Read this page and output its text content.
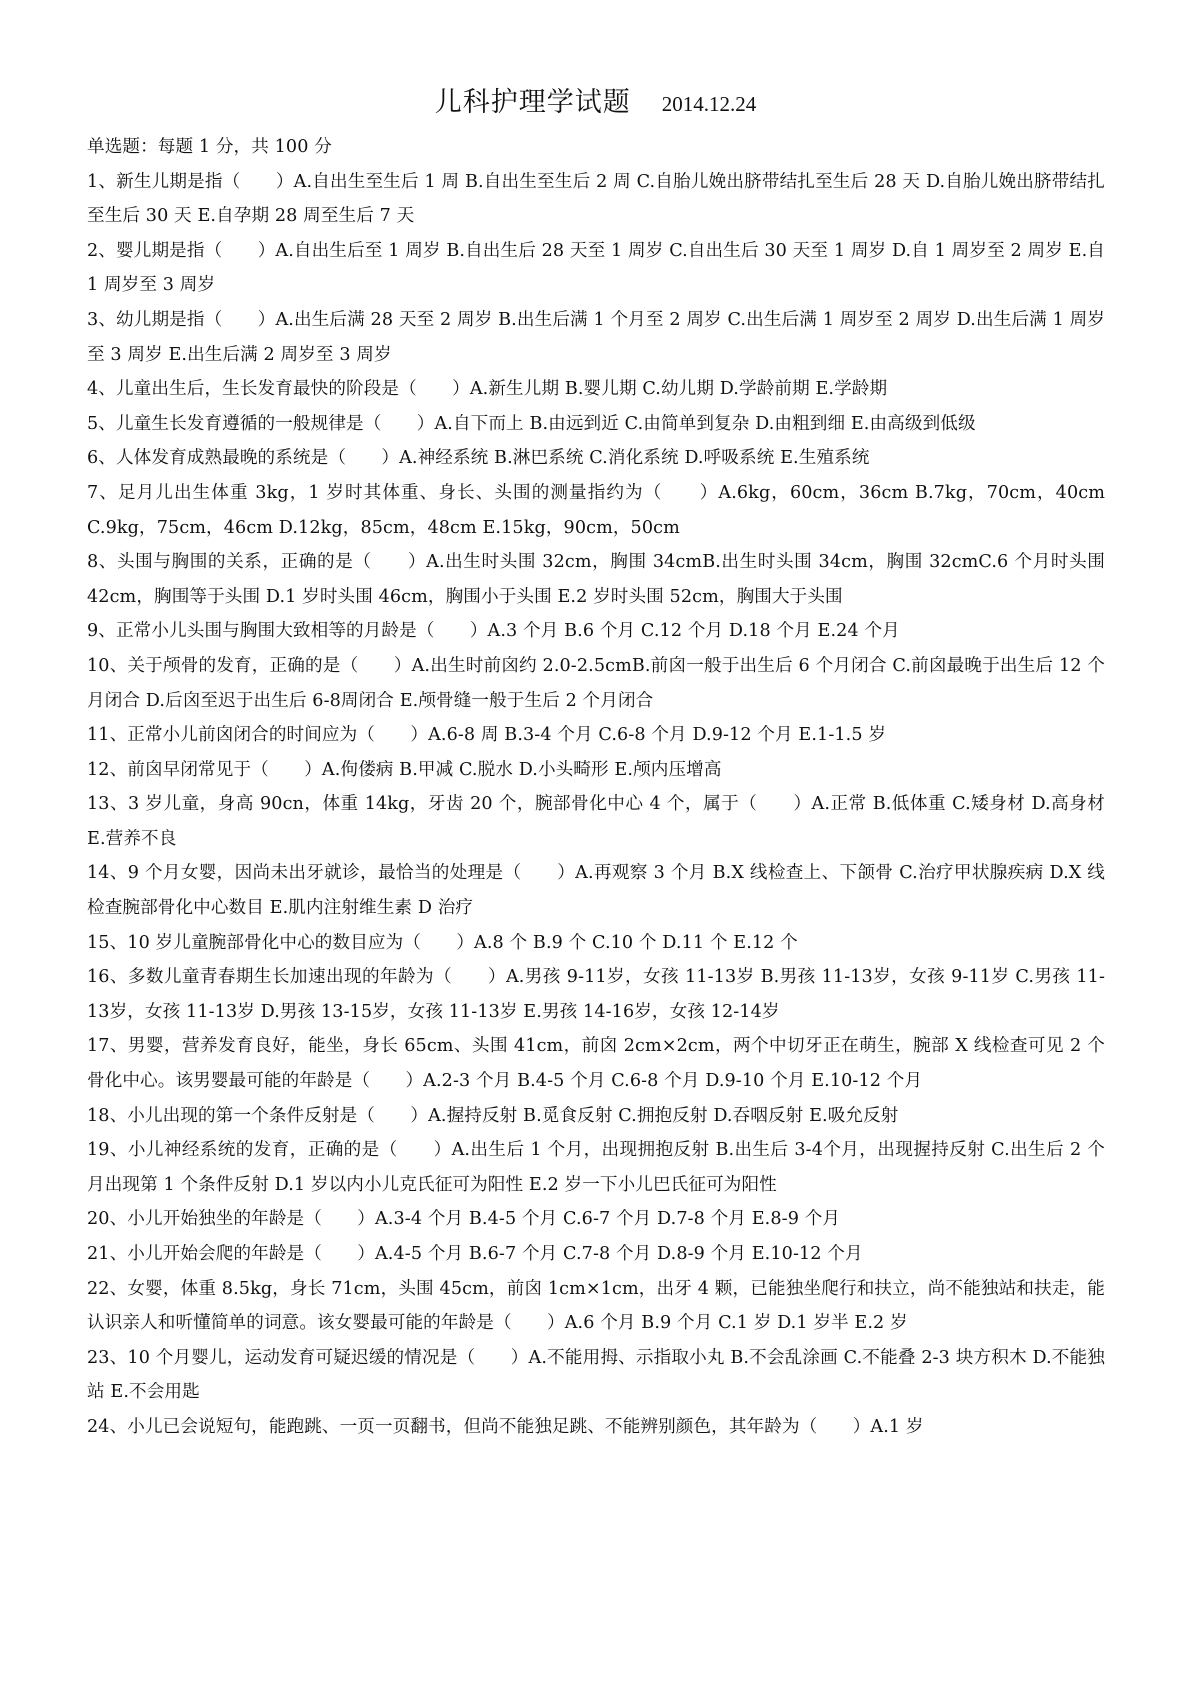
儿科护理学试题 2014.12.24
单选题：每题 1 分，共 100 分
1、新生儿期是指（　　）A.自出生至生后 1 周 B.自出生至生后 2 周 C.自胎儿娩出脐带结扎至生后 28 天 D.自胎儿娩出脐带结扎至生后 30 天 E.自孕期 28 周至生后 7 天
2、婴儿期是指（　　）A.自出生后至 1 周岁 B.自出生后 28 天至 1 周岁 C.自出生后 30 天至 1 周岁 D.自 1 周岁至 2 周岁 E.自 1 周岁至 3 周岁
3、幼儿期是指（　　）A.出生后满 28 天至 2 周岁 B.出生后满 1 个月至 2 周岁 C.出生后满 1 周岁至 2 周岁 D.出生后满 1 周岁至 3 周岁 E.出生后满 2 周岁至 3 周岁
4、儿童出生后，生长发育最快的阶段是（　　）A.新生儿期 B.婴儿期 C.幼儿期 D.学龄前期 E.学龄期
5、儿童生长发育遵循的一般规律是（　　）A.自下而上 B.由远到近 C.由简单到复杂 D.由粗到细 E.由高级到低级
6、人体发育成熟最晚的系统是（　　）A.神经系统 B.淋巴系统 C.消化系统 D.呼吸系统 E.生殖系统
7、足月儿出生体重 3kg，1 岁时其体重、身长、头围的测量指约为（　　）A.6kg，60cm，36cm B.7kg，70cm，40cm C.9kg，75cm，46cm D.12kg，85cm，48cm E.15kg，90cm，50cm
8、头围与胸围的关系，正确的是（　　）A.出生时头围 32cm，胸围 34cmB.出生时头围 34cm，胸围 32cmC.6 个月时头围 42cm，胸围等于头围 D.1 岁时头围 46cm，胸围小于头围 E.2 岁时头围 52cm，胸围大于头围
9、正常小儿头围与胸围大致相等的月龄是（　　）A.3 个月 B.6 个月 C.12 个月 D.18 个月 E.24 个月
10、关于颅骨的发育，正确的是（　　）A.出生时前囟约 2.0-2.5cmB.前囟一般于出生后 6 个月闭合 C.前囟最晚于出生后 12 个月闭合 D.后囟至迟于出生后 6-8周闭合 E.颅骨缝一般于生后 2 个月闭合
11、正常小儿前囟闭合的时间应为（　　）A.6-8 周 B.3-4 个月 C.6-8 个月 D.9-12 个月 E.1-1.5 岁
12、前囟早闭常见于（　　）A.佝偻病 B.甲减 C.脱水 D.小头畸形 E.颅内压增高
13、3 岁儿童，身高 90cn，体重 14kg，牙齿 20 个，腕部骨化中心 4 个，属于（　　）A.正常 B.低体重 C.矮身材 D.高身材 E.营养不良
14、9 个月女婴，因尚未出牙就诊，最恰当的处理是（　　）A.再观察 3 个月 B.X 线检查上、下颌骨 C.治疗甲状腺疾病 D.X 线检查腕部骨化中心数目 E.肌内注射维生素 D 治疗
15、10 岁儿童腕部骨化中心的数目应为（　　）A.8 个 B.9 个 C.10 个 D.11 个 E.12 个
16、多数儿童青春期生长加速出现的年龄为（　　）A.男孩 9-11岁，女孩 11-13岁 B.男孩 11-13岁，女孩 9-11岁 C.男孩 11-13岁，女孩 11-13岁 D.男孩 13-15岁，女孩 11-13岁 E.男孩 14-16岁，女孩 12-14岁
17、男婴，营养发育良好，能坐，身长 65cm、头围 41cm，前囟 2cm×2cm，两个中切牙正在萌生，腕部 X 线检查可见 2 个骨化中心。该男婴最可能的年龄是（　　）A.2-3 个月 B.4-5 个月 C.6-8 个月 D.9-10 个月 E.10-12 个月
18、小儿出现的第一个条件反射是（　　）A.握持反射 B.觅食反射 C.拥抱反射 D.吞咽反射 E.吸允反射
19、小儿神经系统的发育，正确的是（　　）A.出生后 1 个月，出现拥抱反射 B.出生后 3-4个月，出现握持反射 C.出生后 2 个月出现第 1 个条件反射 D.1 岁以内小儿克氏征可为阳性 E.2 岁一下小儿巴氏征可为阳性
20、小儿开始独坐的年龄是（　　）A.3-4 个月 B.4-5 个月 C.6-7 个月 D.7-8 个月 E.8-9 个月
21、小儿开始会爬的年龄是（　　）A.4-5 个月 B.6-7 个月 C.7-8 个月 D.8-9 个月 E.10-12 个月
22、女婴，体重 8.5kg，身长 71cm，头围 45cm，前囟 1cm×1cm，出牙 4 颗，已能独坐爬行和扶立，尚不能独站和扶走，能认识亲人和听懂简单的词意。该女婴最可能的年龄是（　　）A.6 个月 B.9 个月 C.1 岁 D.1 岁半 E.2 岁
23、10 个月婴儿，运动发育可疑迟缓的情况是（　　）A.不能用拇、示指取小丸 B.不会乱涂画 C.不能叠 2-3 块方积木 D.不能独站 E.不会用匙
24、小儿已会说短句，能跑跳、一页一页翻书，但尚不能独足跳、不能辨别颜色，其年龄为（　　）A.1 岁
